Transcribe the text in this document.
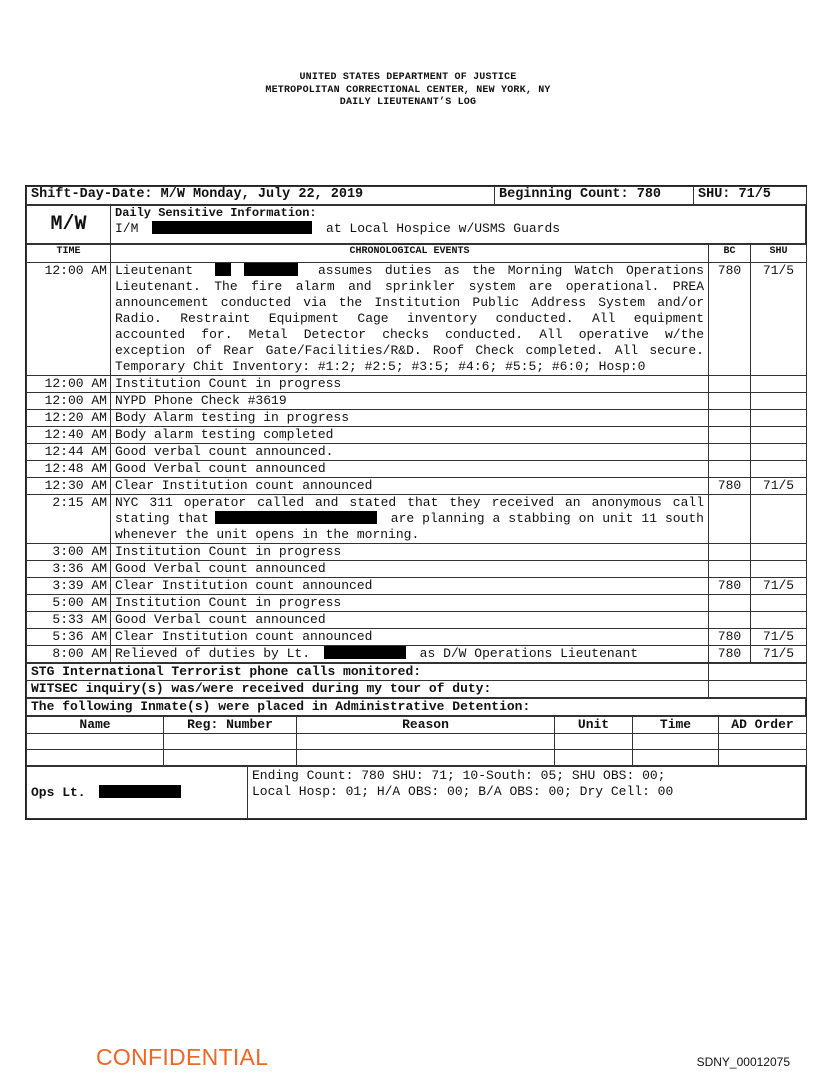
UNITED STATES DEPARTMENT OF JUSTICE
METROPOLITAN CORRECTIONAL CENTER, NEW YORK, NY
DAILY LIEUTENANT’S LOG
Shift-Day-Date: M/W Monday, July 22, 2019	Beginning Count: 780	SHU: 71/5
M/W	Daily Sensitive Information:
I/M	at Local Hospice w/USMS Guards
TIME	CHRONOLOGICAL EVENTS	BC	SHU
12:00 AM	Lieutenant assumes duties as the Morning Watch Operations Lieutenant. The fire alarm and sprinkler system are operational. PREA announcement conducted via the Institution Public Address System and/or Radio. Restraint Equipment Cage inventory conducted. All equipment accounted for. Metal Detector checks conducted. All operative w/the exception of Rear Gate/Facilities/R&D. Roof Check completed. All secure. Temporary Chit Inventory: #1:2; #2:5; #3:5; #4:6; #5:5; #6:0; Hosp:0	780	71/5
12:00 AM	Institution Count in progress		
12:00 AM	NYPD Phone Check #3619		
12:20 AM	Body Alarm testing in progress		
12:40 AM	Body alarm testing completed		
12:44 AM	Good verbal count announced.		
12:48 AM	Good Verbal count announced		
12:30 AM	Clear Institution count announced	780	71/5
2:15 AM	NYC 311 operator called and stated that they received an anonymous call stating that are planning a stabbing on unit 11 south whenever the unit opens in the morning.		
3:00 AM	Institution Count in progress		
3:36 AM	Good Verbal count announced		
3:39 AM	Clear Institution count announced	780	71/5
5:00 AM	Institution Count in progress		
5:33 AM	Good Verbal count announced		
5:36 AM	Clear Institution count announced	780	71/5
8:00 AM	Relieved of duties by Lt. as D/W Operations Lieutenant	780	71/5
STG International Terrorist phone calls monitored:	
WITSEC inquiry(s) was/were received during my tour of duty:	
The following Inmate(s) were placed in Administrative Detention:
Name	Reg: Number	Reason	Unit	Time	AD Order

Ops Lt.	
Ending Count: 780 SHU: 71; 10-South: 05; SHU OBS: 00;
Local Hosp: 01; H/A OBS: 00; B/A OBS: 00; Dry Cell: 00
CONFIDENTIAL	SDNY_00012075
